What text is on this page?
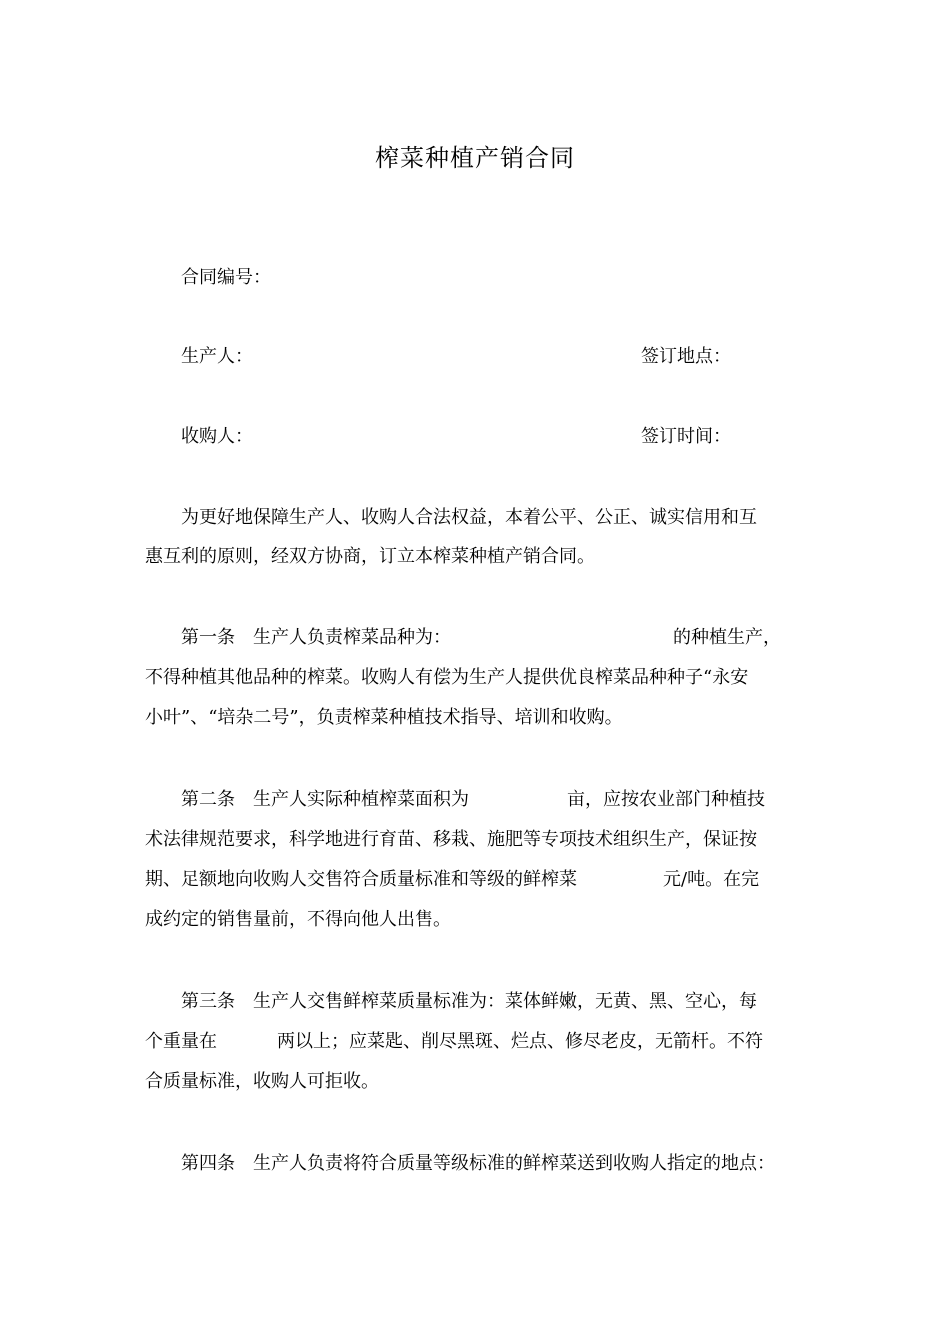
榨菜种植产销合同
合同编号：
生产人：	签订地点：
收购人：	签订时间：
为更好地保障生产人、收购人合法权益，本着公平、公正、诚实信用和互
惠互利的原则，经双方协商，订立本榨菜种植产销合同。
第一条　生产人负责榨菜品种为：	的种植生产，
不得种植其他品种的榨菜。收购人有偿为生产人提供优良榨菜品种种子“永安
小叶”、“培杂二号”，负责榨菜种植技术指导、培训和收购。
第二条　生产人实际种植榨菜面积为	亩，应按农业部门种植技
术法律规范要求，科学地进行育苗、移栽、施肥等专项技术组织生产，保证按
期、足额地向收购人交售符合质量标准和等级的鲜榨菜	元/吨。在完
成约定的销售量前，不得向他人出售。
第三条　生产人交售鲜榨菜质量标准为：菜体鲜嫩，无黄、黑、空心，每
个重量在	两以上；应菜匙、削尽黑斑、烂点、修尽老皮，无箭杆。不符
合质量标准，收购人可拒收。
第四条　生产人负责将符合质量等级标准的鲜榨菜送到收购人指定的地点：
